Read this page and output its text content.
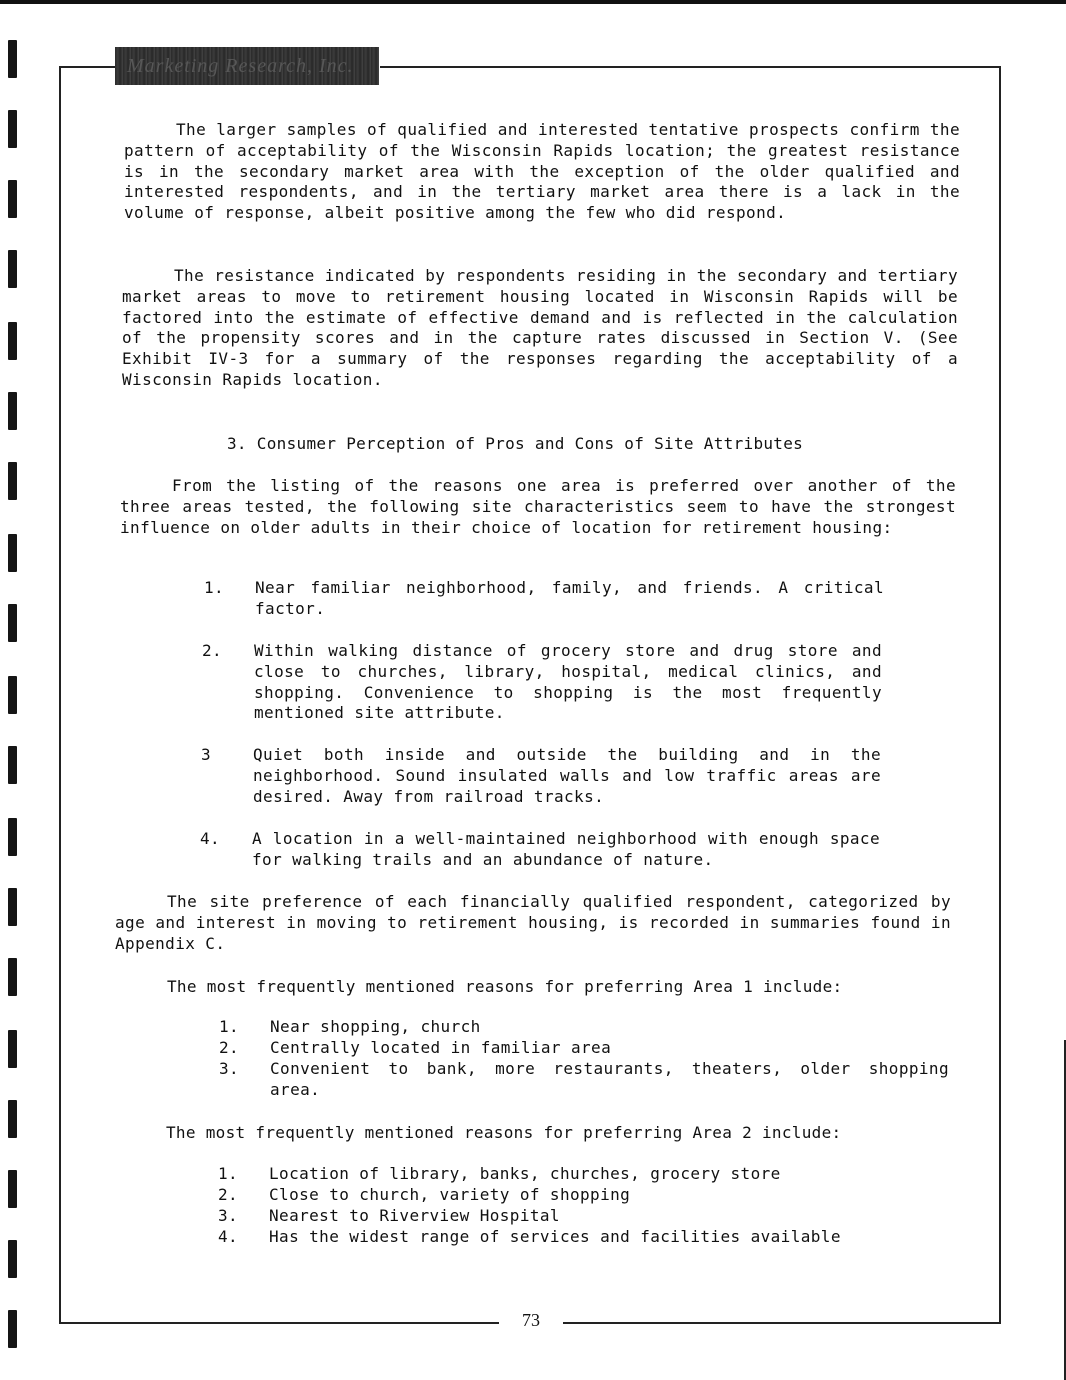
Marketing Research, Inc.

The larger samples of qualified and interested tentative prospects confirm the pattern of acceptability of the Wisconsin Rapids location; the greatest resistance is in the secondary market area with the exception of the older qualified and interested respondents, and in the tertiary market area there is a lack in the volume of response, albeit positive among the few who did respond.

The resistance indicated by respondents residing in the secondary and tertiary market areas to move to retirement housing located in Wisconsin Rapids will be factored into the estimate of effective demand and is reflected in the calculation of the propensity scores and in the capture rates discussed in Section V. (See Exhibit IV-3 for a summary of the responses regarding the acceptability of a Wisconsin Rapids location.

3. Consumer Perception of Pros and Cons of Site Attributes

From the listing of the reasons one area is preferred over another of the three areas tested, the following site characteristics seem to have the strongest influence on older adults in their choice of location for retirement housing:

1. Near familiar neighborhood, family, and friends. A critical factor.
2. Within walking distance of grocery store and drug store and close to churches, library, hospital, medical clinics, and shopping. Convenience to shopping is the most frequently mentioned site attribute.
3	Quiet both inside and outside the building and in the neighborhood. Sound insulated walls and low traffic areas are desired. Away from railroad tracks.
4. A location in a well-maintained neighborhood with enough space for walking trails and an abundance of nature.

The site preference of each financially qualified respondent, categorized by age and interest in moving to retirement housing, is recorded in summaries found in Appendix C.

The most frequently mentioned reasons for preferring Area 1 include:

1. Near shopping, church
2. Centrally located in familiar area
3. Convenient to bank, more restaurants, theaters, older shopping area.

The most frequently mentioned reasons for preferring Area 2 include:

1. Location of library, banks, churches, grocery store
2. Close to church, variety of shopping
3. Nearest to Riverview Hospital
4. Has the widest range of services and facilities available
73
